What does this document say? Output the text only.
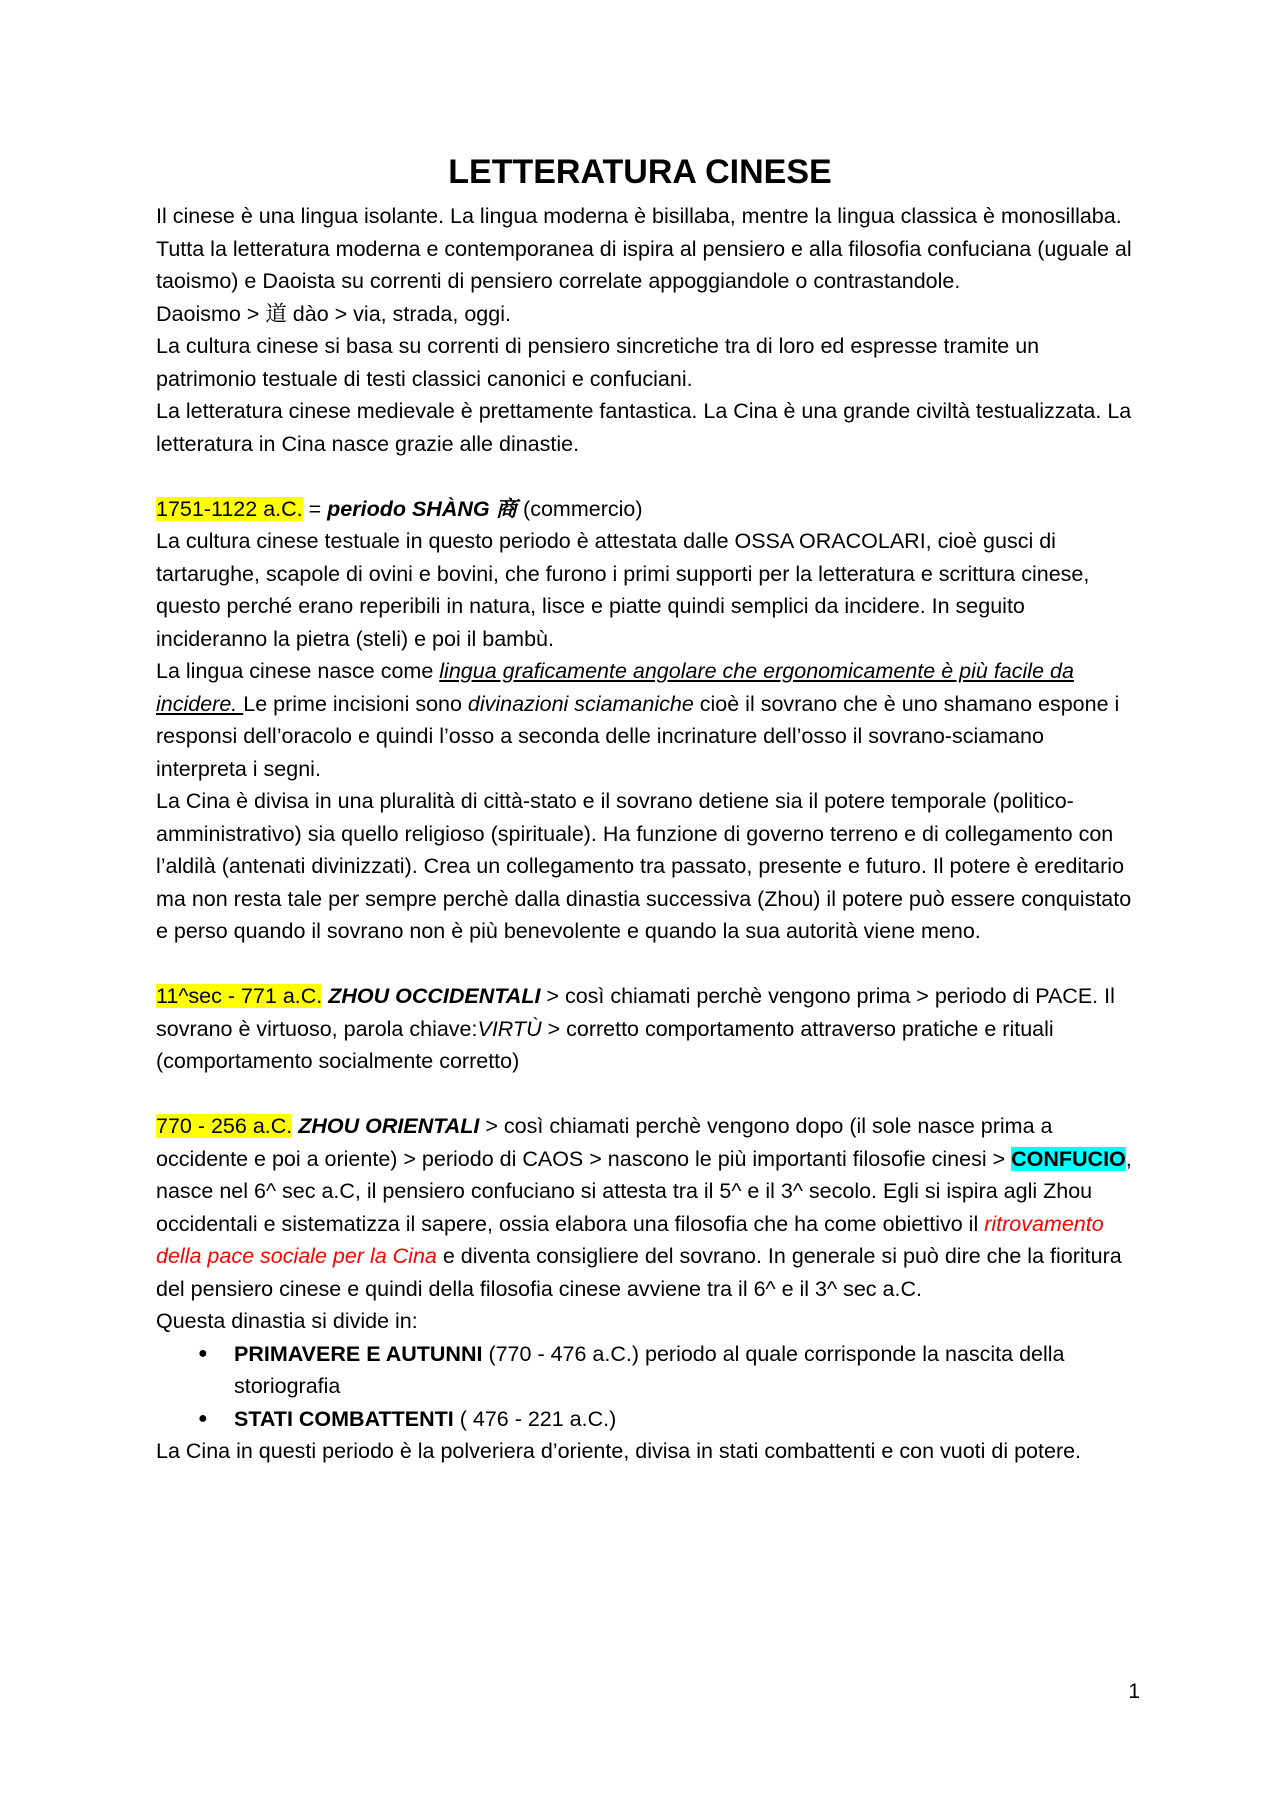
LETTERATURA CINESE

Il cinese è una lingua isolante. La lingua moderna è bisillaba, mentre la lingua classica è monosillaba. Tutta la letteratura moderna e contemporanea di ispira al pensiero e alla filosofia confuciana (uguale al taoismo) e Daoista su correnti di pensiero correlate appoggiandole o contrastandole.

Daoismo > 道 dào > via, strada, oggi.

La cultura cinese si basa su correnti di pensiero sincretiche tra di loro ed espresse tramite un patrimonio testuale di testi classici canonici e confuciani.

La letteratura cinese medievale è prettamente fantastica. La Cina è una grande civiltà testualizzata. La letteratura in Cina nasce grazie alle dinastie.

1751-1122 a.C. = periodo SHÀNG 商 (commercio)

La cultura cinese testuale in questo periodo è attestata dalle OSSA ORACOLARI, cioè gusci di tartarughe, scapole di ovini e bovini, che furono i primi supporti per la letteratura e scrittura cinese, questo perché erano reperibili in natura, lisce e piatte quindi semplici da incidere. In seguito incideranno la pietra (steli) e poi il bambù.

La lingua cinese nasce come lingua graficamente angolare che ergonomicamente è più facile da incidere. Le prime incisioni sono divinazioni sciamaniche cioè il sovrano che è uno shamano espone i responsi dell’oracolo e quindi l’osso a seconda delle incrinature dell’osso il sovrano-sciamano interpreta i segni.

La Cina è divisa in una pluralità di città-stato e il sovrano detiene sia il potere temporale (politico-amministrativo) sia quello religioso (spirituale). Ha funzione di governo terreno e di collegamento con l’aldilà (antenati divinizzati). Crea un collegamento tra passato, presente e futuro. Il potere è ereditario ma non resta tale per sempre perchè dalla dinastia successiva (Zhou) il potere può essere conquistato e perso quando il sovrano non è più benevolente e quando la sua autorità viene meno.

11^sec - 771 a.C. ZHOU OCCIDENTALI > così chiamati perchè vengono prima > periodo di PACE. Il sovrano è virtuoso, parola chiave:VIRTÙ > corretto comportamento attraverso pratiche e rituali (comportamento socialmente corretto)

770 - 256 a.C. ZHOU ORIENTALI > così chiamati perchè vengono dopo (il sole nasce prima a occidente e poi a oriente) > periodo di CAOS > nascono le più importanti filosofie cinesi > CONFUCIO, nasce nel 6^ sec a.C, il pensiero confuciano si attesta tra il 5^ e il 3^ secolo. Egli si ispira agli Zhou occidentali e sistematizza il sapere, ossia elabora una filosofia che ha come obiettivo il ritrovamento della pace sociale per la Cina e diventa consigliere del sovrano. In generale si può dire che la fioritura del pensiero cinese e quindi della filosofia cinese avviene tra il 6^ e il 3^ sec a.C.

Questa dinastia si divide in:

● PRIMAVERE E AUTUNNI (770 - 476 a.C.) periodo al quale corrisponde la nascita della storiografia
● STATI COMBATTENTI ( 476 - 221 a.C.)

La Cina in questi periodo è la polveriera d’oriente, divisa in stati combattenti e con vuoti di potere.

1
